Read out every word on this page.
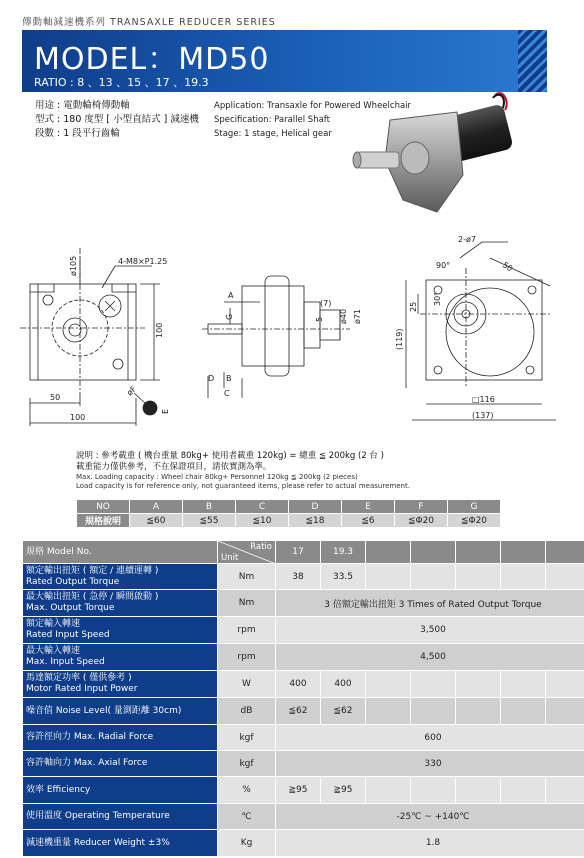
傳動軸減速機系列 TRANSAXLE REDUCER SERIES
MODEL：MD50
RATIO : 8 、13 、15 、17 、19.3
用途 : 電動輪椅傳動軸
型式 : 180 度型 [ 小型直結式 ] 減速機
段數 : 1 段平行齒輪
Application: Transaxle for Powered Wheelchair
Specification: Parallel Shaft
Stage: 1 stage, Helical gear
ø105	4-M8×P1.25
100
50
100
øF
E
A
G
D B
C
(7)
5 ø40 ø71
2-ø7
90°	50
25
30°
(119)
□116
(137)
說明 : 參考載重 ( 機台重量 80kg+ 使用者載重 120kg) = 總重 ≦ 200kg (2 台 )
載重能力僅供參考，不在保證項目，請依實測為準。
Max. Loading capacity : Wheel chair 80kg+ Personnel 120kg ≦ 200kg (2 pieces)
Load capacity is for reference only, not guaranteed items, please refer to actual measurement.
NO	A	B	C	D	E	F	G
規格說明	≦60	≦55	≦10	≦18	≦6	≦Φ20	≦Φ20
規格 Model No.	Ratio
Unit	17	19.3					

額定輸出扭矩 ( 額定 / 連續運轉 )
Rated Output Torque	Nm	38	33.5					

最大輸出扭矩 ( 急停 / 瞬間啟動 )
Max. Output Torque	Nm	3 倍額定輸出扭矩 3 Times of Rated Output Torque						

額定輸入轉速
Rated Input Speed	rpm	3,500						

最大輸入轉速
Max. Input Speed	rpm	4,500						

馬達額定功率 ( 僅供參考 )
Motor Rated Input Power	W	400	400					

噪音值 Noise Level( 量測距離 30cm)	dB	≦62	≦62					

容許徑向力 Max. Radial Force	kgf	600						

容許軸向力 Max. Axial Force	kgf	330						

效率 Efficiency	%	≧95	≧95					

使用溫度 Operating Temperature	℃	-25℃ ~ +140℃						

減速機重量 Reducer Weight ±3%	Kg	1.8						
